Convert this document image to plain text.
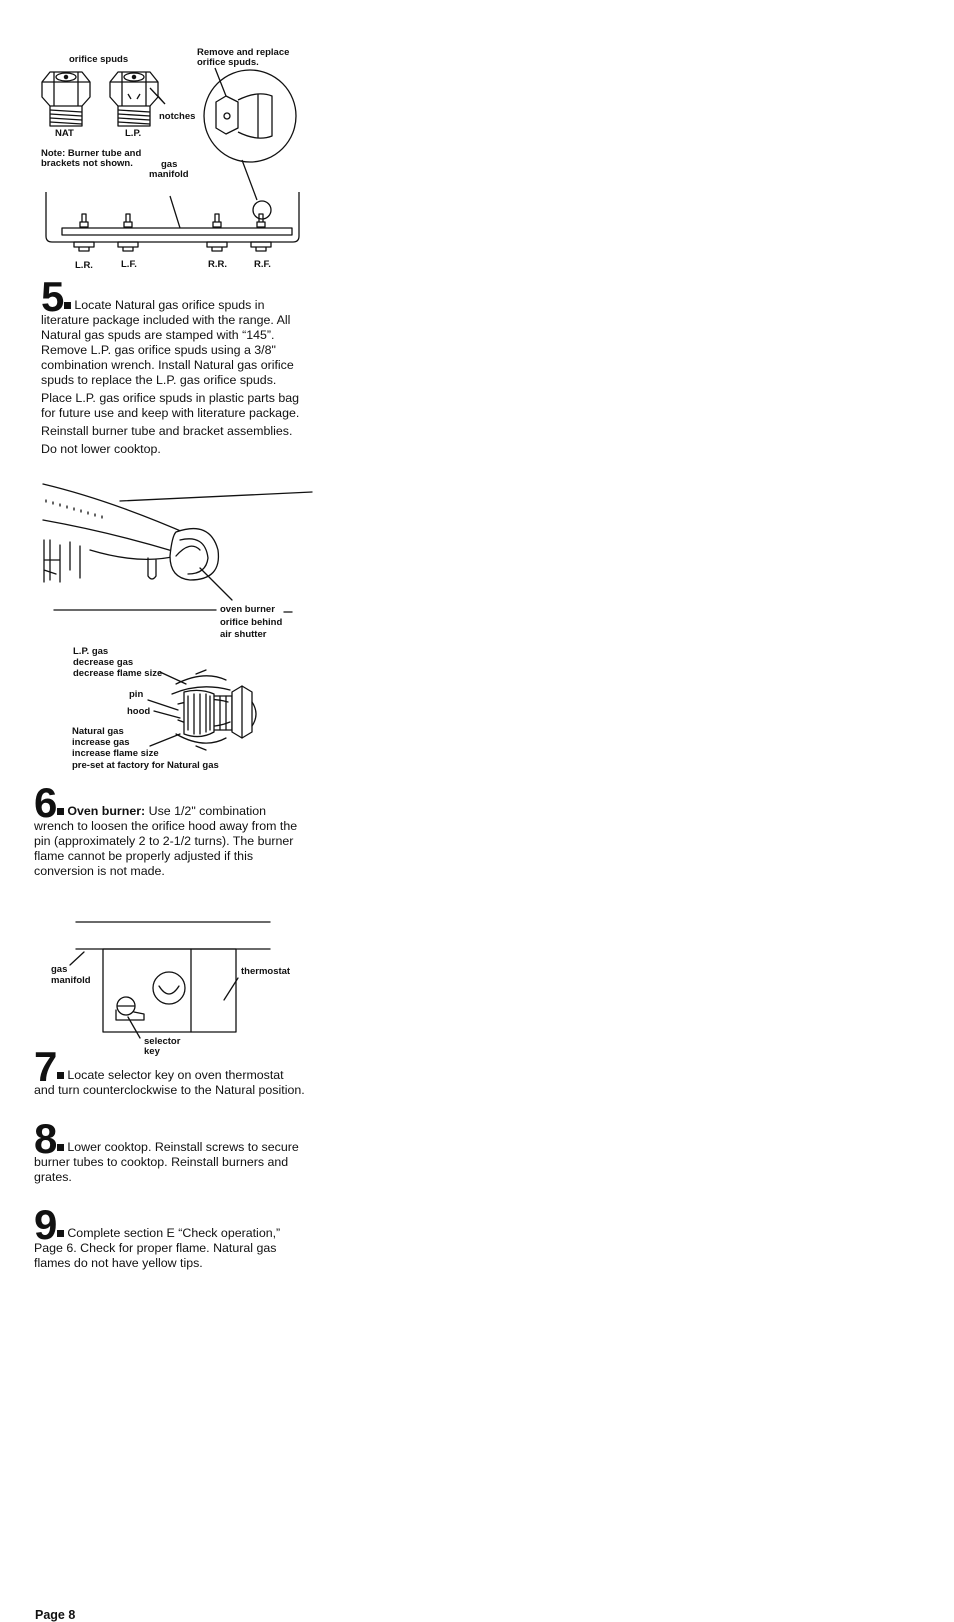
orifice spuds
Remove and replace
orifice spuds.
notches
NAT	L.P.
Note: Burner tube and
brackets not shown.	gas
manifold
L.R.	L.F.	R.R.	R.F.

5 Locate Natural gas orifice spuds in literature package included with the range. All Natural gas spuds are stamped with “145”. Remove L.P. gas orifice spuds using a 3/8" combination wrench. Install Natural gas orifice spuds to replace the L.P. gas orifice spuds.

Place L.P. gas orifice spuds in plastic parts bag for future use and keep with literature package.

Reinstall burner tube and bracket assemblies.

Do not lower cooktop.

oven burner
orifice behind
air shutter
L.P. gas
decrease gas
decrease flame size
pin
hood
Natural gas
increase gas
increase flame size
pre-set at factory for Natural gas

6 Oven burner: Use 1/2" combination wrench to loosen the orifice hood away from the pin (approximately 2 to 2-1/2 turns). The burner flame cannot be properly adjusted if this conversion is not made.

gas
manifold
thermostat
selector
key

7 Locate selector key on oven thermostat and turn counterclockwise to the Natural position.

8 Lower cooktop. Reinstall screws to secure burner tubes to cooktop. Reinstall burners and grates.

9 Complete section E “Check operation,” Page 6. Check for proper flame. Natural gas flames do not have yellow tips.

Page 8
